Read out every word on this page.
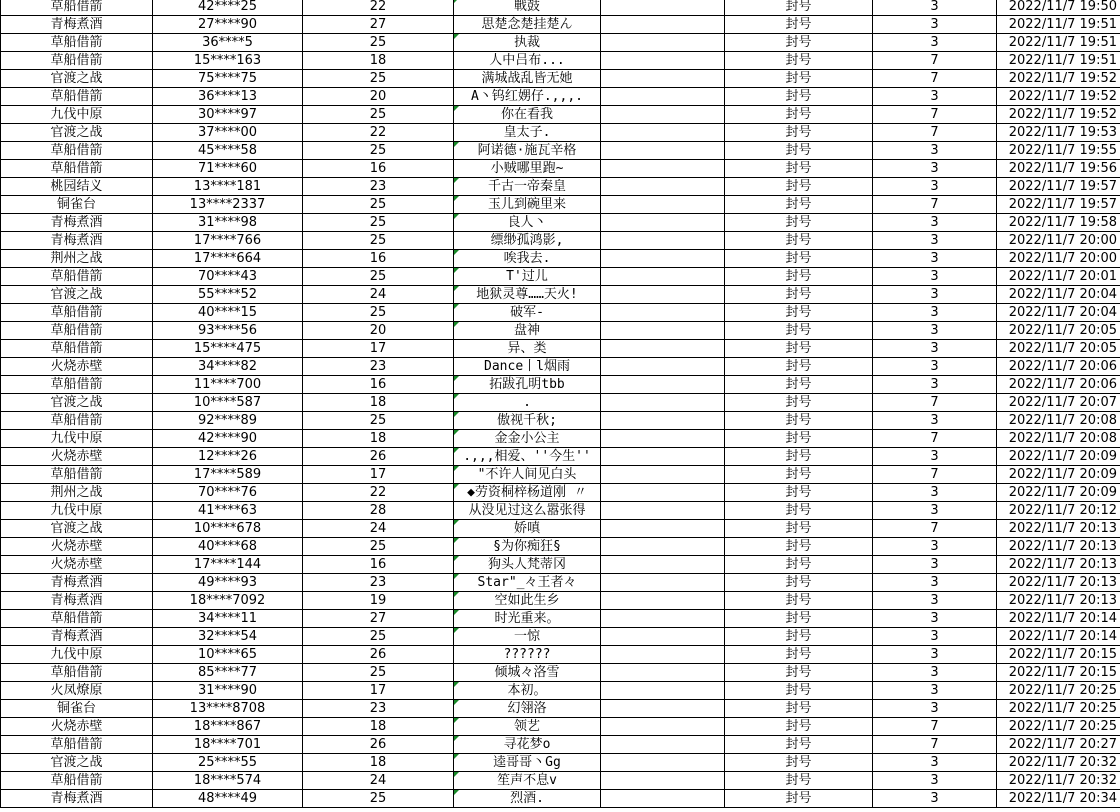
草船借箭	42****25	22	戰鼓		封号	3	2022/11/7 19:50
青梅煮酒	27****90	27	思楚念楚挂楚ん		封号	3	2022/11/7 19:51
草船借箭	36****5	25	执裁		封号	3	2022/11/7 19:51
草船借箭	15****163	18	人中吕布...		封号	7	2022/11/7 19:51
官渡之战	75****75	25	满城战乱皆无她		封号	7	2022/11/7 19:52
草船借箭	36****13	20	A丶钨红娚仔.,,,.		封号	3	2022/11/7 19:52
九伐中原	30****97	25	你在看我		封号	7	2022/11/7 19:52
官渡之战	37****00	22	皇太子.		封号	7	2022/11/7 19:53
草船借箭	45****58	25	阿诺德·施瓦辛格		封号	3	2022/11/7 19:55
草船借箭	71****60	16	小贼哪里跑~		封号	3	2022/11/7 19:56
桃园结义	13****181	23	千古一帝秦皇		封号	3	2022/11/7 19:57
铜雀台	13****2337	25	玉儿到碗里来		封号	7	2022/11/7 19:57
青梅煮酒	31****98	25	良人丶		封号	3	2022/11/7 19:58
青梅煮酒	17****766	25	缥缈孤鸿影,		封号	3	2022/11/7 20:00
荆州之战	17****664	16	唉我去.		封号	3	2022/11/7 20:00
草船借箭	70****43	25	T'过儿		封号	3	2022/11/7 20:01
官渡之战	55****52	24	地狱灵尊……天火!		封号	3	2022/11/7 20:04
草船借箭	40****15	25	破军-		封号	3	2022/11/7 20:04
草船借箭	93****56	20	盘神		封号	3	2022/11/7 20:05
草船借箭	15****475	17	异、类		封号	3	2022/11/7 20:05
火烧赤壁	34****82	23	Dance丨l烟雨		封号	3	2022/11/7 20:06
草船借箭	11****700	16	拓跋孔明tbb		封号	3	2022/11/7 20:06
官渡之战	10****587	18	.		封号	7	2022/11/7 20:07
草船借箭	92****89	25	傲视千秋;		封号	3	2022/11/7 20:08
九伐中原	42****90	18	金金小公主		封号	7	2022/11/7 20:08
火烧赤壁	12****26	26	.,,,相爱、''今生''		封号	3	2022/11/7 20:09
草船借箭	17****589	17	"不许人间见白头		封号	7	2022/11/7 20:09
荆州之战	70****76	22	◆劳资桐梓杨道刚 〃		封号	3	2022/11/7 20:09
九伐中原	41****63	28	从没见过这么嚣张得		封号	3	2022/11/7 20:12
官渡之战	10****678	24	娇嗔		封号	7	2022/11/7 20:13
火烧赤壁	40****68	25	§为你痴狂§		封号	3	2022/11/7 20:13
火烧赤壁	17****144	16	狗头人梵蒂冈		封号	3	2022/11/7 20:13
青梅煮酒	49****93	23	Star"_々王者々		封号	3	2022/11/7 20:13
青梅煮酒	18****7092	19	空如此生乡		封号	3	2022/11/7 20:13
草船借箭	34****11	27	时光重来。		封号	3	2022/11/7 20:14
青梅煮酒	32****54	25	一惊		封号	3	2022/11/7 20:14
九伐中原	10****65	26	??????		封号	3	2022/11/7 20:15
草船借箭	85****77	25	倾城々洛雪		封号	3	2022/11/7 20:15
火凤燎原	31****90	17	本初。		封号	3	2022/11/7 20:25
铜雀台	13****8708	23	幻翎洛		封号	3	2022/11/7 20:25
火烧赤壁	18****867	18	领艺		封号	7	2022/11/7 20:25
草船借箭	18****701	26	寻花梦o		封号	7	2022/11/7 20:27
官渡之战	25****55	18	逵哥哥丶Gg		封号	3	2022/11/7 20:32
草船借箭	18****574	24	笙声不息v		封号	3	2022/11/7 20:32
青梅煮酒	48****49	25	烈酒.		封号	3	2022/11/7 20:34
